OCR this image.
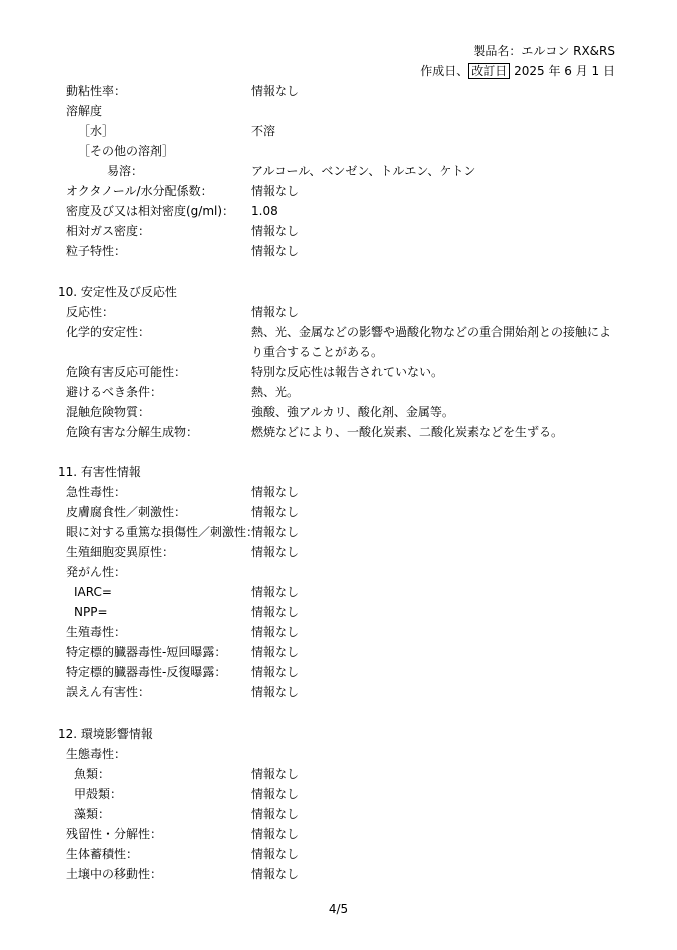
製品名：エルコン RX&RS
作成日、 改訂日 2025 年 6 月 1 日
動粘性率：	情報なし
溶解度
［水］	不溶
［その他の溶剤］
易溶：	アルコール、ベンゼン、トルエン、ケトン
オクタノール/水分配係数：	情報なし
密度及び又は相対密度(g/ml)： 1.08
相対ガス密度：	情報なし
粒子特性：	情報なし
10. 安定性及び反応性
反応性：	情報なし
化学的安定性：	熱、光、金属などの影響や過酸化物などの重合開始剤との接触により重合することがある。
危険有害反応可能性：	特別な反応性は報告されていない。
避けるべき条件：	熱、光。
混触危険物質：	強酸、強アルカリ、酸化剤、金属等。
危険有害な分解生成物：	燃焼などにより、一酸化炭素、二酸化炭素などを生ずる。
11. 有害性情報
急性毒性：	情報なし
皮膚腐食性／刺激性：	情報なし
眼に対する重篤な損傷性／刺激性：
情報なし
生殖細胞変異原性：	情報なし
発がん性：
IARC=	情報なし
NPP=	情報なし
生殖毒性：	情報なし
特定標的臓器毒性-短回曝露： 情報なし
特定標的臓器毒性-反復曝露： 情報なし
誤えん有害性：	情報なし
12. 環境影響情報
生態毒性：
魚類：	情報なし
甲殻類：	情報なし
藻類：	情報なし
残留性・分解性：	情報なし
生体蓄積性：	情報なし
土壌中の移動性：	情報なし
4/5
